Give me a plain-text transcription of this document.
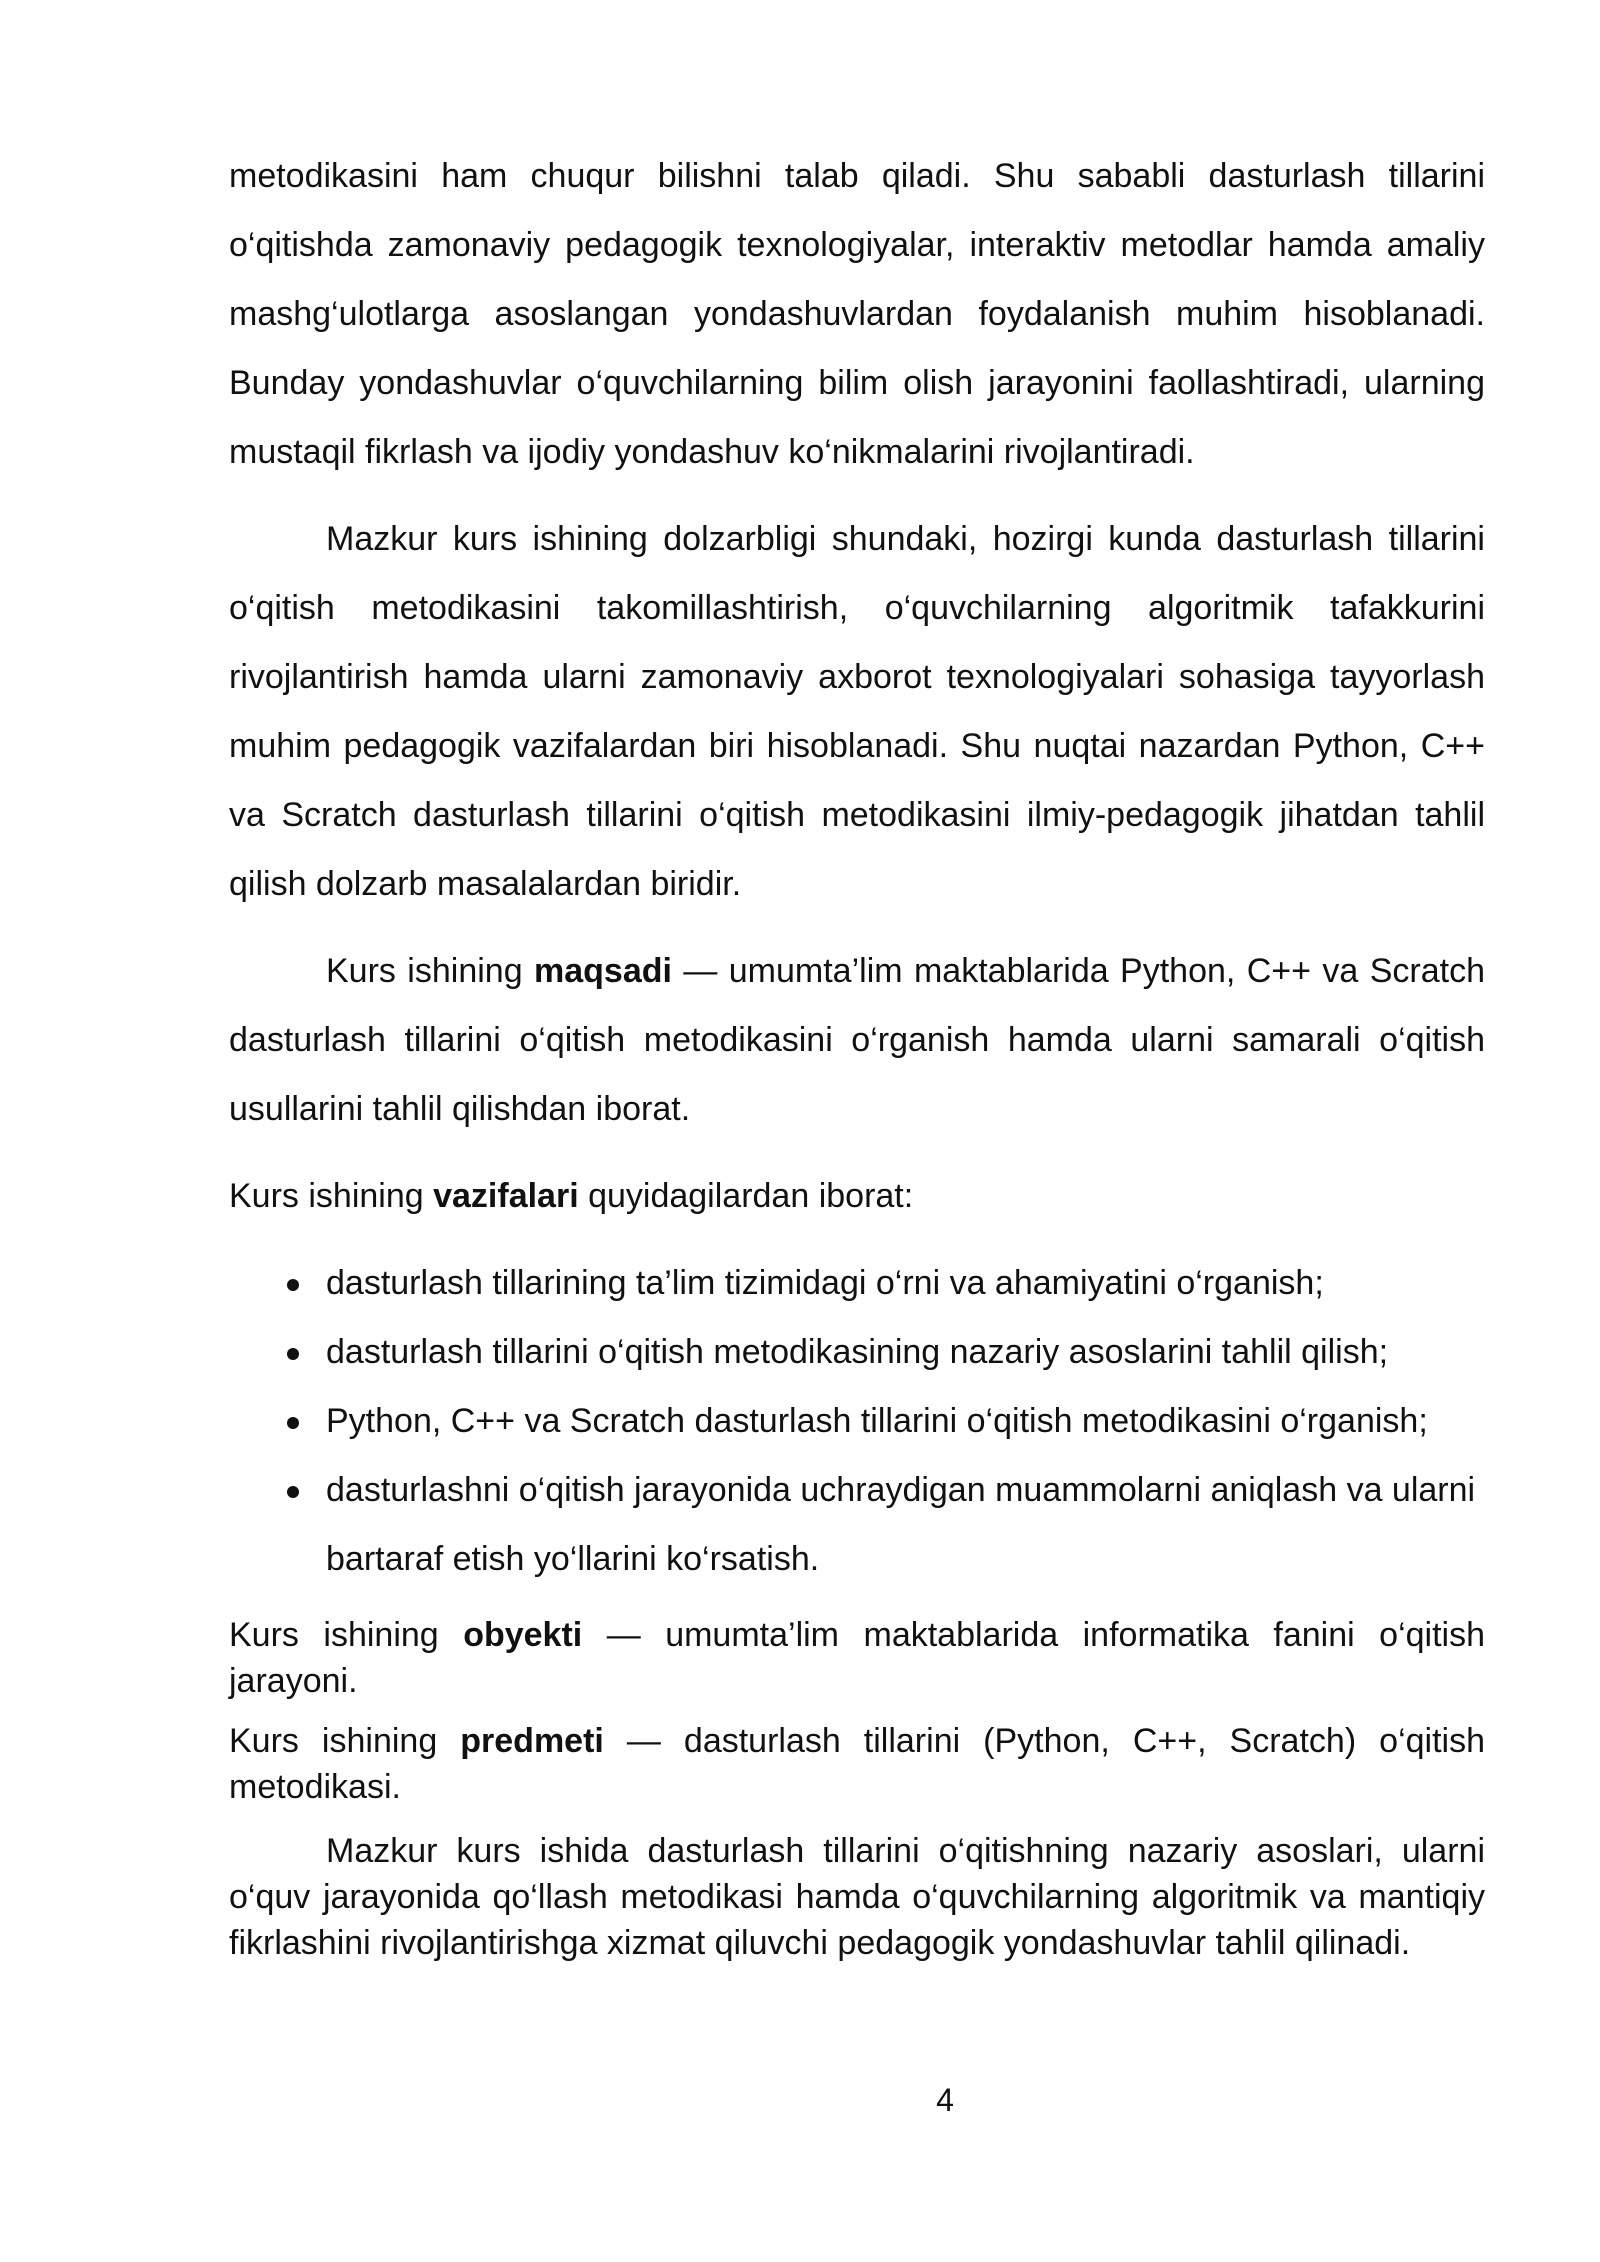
metodikasini ham chuqur bilishni talab qiladi. Shu sababli dasturlash tillarini o‘qitishda zamonaviy pedagogik texnologiyalar, interaktiv metodlar hamda amaliy mashg‘ulotlarga asoslangan yondashuvlardan foydalanish muhim hisoblanadi. Bunday yondashuvlar o‘quvchilarning bilim olish jarayonini faollashtiradi, ularning mustaqil fikrlash va ijodiy yondashuv ko‘nikmalarini rivojlantiradi.

Mazkur kurs ishining dolzarbligi shundaki, hozirgi kunda dasturlash tillarini o‘qitish metodikasini takomillashtirish, o‘quvchilarning algoritmik tafakkurini rivojlantirish hamda ularni zamonaviy axborot texnologiyalari sohasiga tayyorlash muhim pedagogik vazifalardan biri hisoblanadi. Shu nuqtai nazardan Python, C++ va Scratch dasturlash tillarini o‘qitish metodikasini ilmiy-pedagogik jihatdan tahlil qilish dolzarb masalalardan biridir.

Kurs ishining maqsadi — umumta’lim maktablarida Python, C++ va Scratch dasturlash tillarini o‘qitish metodikasini o‘rganish hamda ularni samarali o‘qitish usullarini tahlil qilishdan iborat.

Kurs ishining vazifalari quyidagilardan iborat:

dasturlash tillarining ta’lim tizimidagi o‘rni va ahamiyatini o‘rganish;
dasturlash tillarini o‘qitish metodikasining nazariy asoslarini tahlil qilish;
Python, C++ va Scratch dasturlash tillarini o‘qitish metodikasini o‘rganish;
dasturlashni o‘qitish jarayonida uchraydigan muammolarni aniqlash va ularni bartaraf etish yo‘llarini ko‘rsatish.

Kurs ishining obyekti — umumta’lim maktablarida informatika fanini o‘qitish jarayoni.

Kurs ishining predmeti — dasturlash tillarini (Python, C++, Scratch) o‘qitish metodikasi.

Mazkur kurs ishida dasturlash tillarini o‘qitishning nazariy asoslari, ularni o‘quv jarayonida qo‘llash metodikasi hamda o‘quvchilarning algoritmik va mantiqiy fikrlashini rivojlantirishga xizmat qiluvchi pedagogik yondashuvlar tahlil qilinadi.

4
